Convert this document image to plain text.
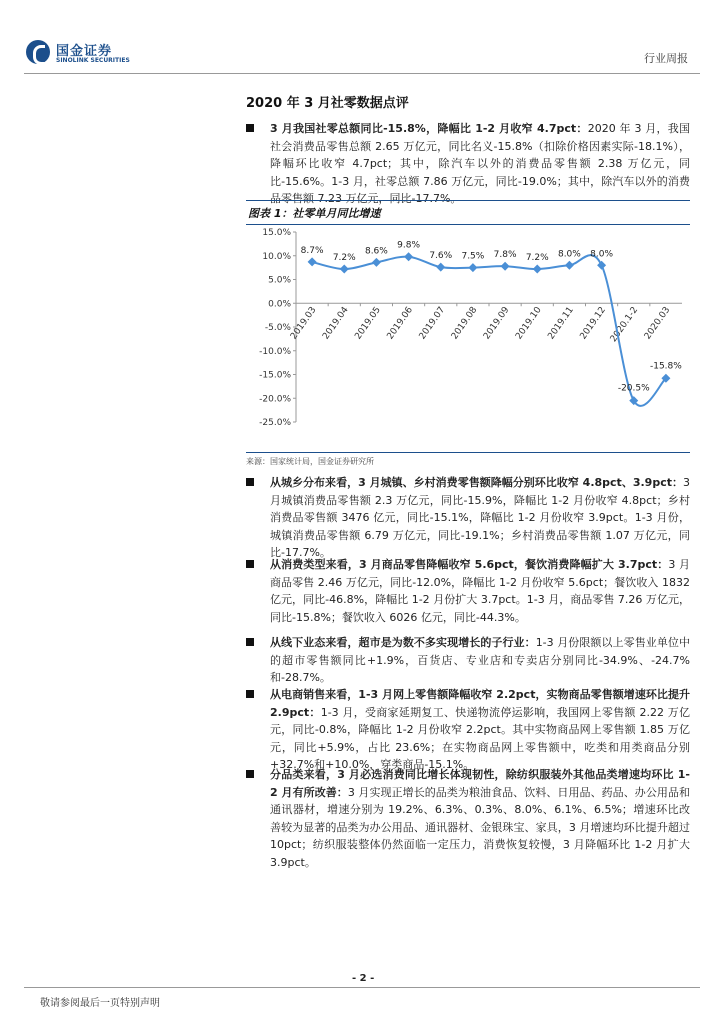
国金证券
SINOLINK SECURITIES	行业周报
2020 年 3 月社零数据点评
3 月我国社零总额同比-15.8%，降幅比 1-2 月收窄 4.7pct：2020 年 3 月，我国社会消费品零售总额 2.65 万亿元，同比名义-15.8%（扣除价格因素实际-18.1%），降幅环比收窄 4.7pct；其中，除汽车以外的消费品零售额 2.38 万亿元，同比-15.6%。1-3 月，社零总额 7.86 万亿元，同比-19.0%；其中，除汽车以外的消费品零售额 7.23 万亿元，同比-17.7%。
图表 1：社零单月同比增速
15.0%
10.0%
5.0%
0.0%
-5.0%
-10.0%
-15.0%
-20.0%
-25.0%
2019.03 2019.04 2019.05 2019.06 2019.07 2019.08 2019.09 2019.10 2019.11 2019.12 2020.1-2 2020.03
8.7%
7.2%
8.6%
9.8%
7.6% 7.5% 7.8% 7.2% 8.0% 8.0%
-20.5%
-15.8%
来源：国家统计局，国金证券研究所
从城乡分布来看，3 月城镇、乡村消费零售额降幅分别环比收窄 4.8pct、3.9pct：3 月城镇消费品零售额 2.3 万亿元，同比-15.9%，降幅比 1-2 月份收窄 4.8pct；乡村消费品零售额 3476 亿元，同比-15.1%，降幅比 1-2 月份收窄 3.9pct。1-3 月份，城镇消费品零售额 6.79 万亿元，同比-19.1%；乡村消费品零售额 1.07 万亿元，同比-17.7%。
从消费类型来看，3 月商品零售降幅收窄 5.6pct，餐饮消费降幅扩大 3.7pct：3 月商品零售 2.46 万亿元，同比-12.0%，降幅比 1-2 月份收窄 5.6pct；餐饮收入 1832 亿元，同比-46.8%，降幅比 1-2 月份扩大 3.7pct。1-3 月，商品零售 7.26 万亿元，同比-15.8%；餐饮收入 6026 亿元，同比-44.3%。
从线下业态来看，超市是为数不多实现增长的子行业：1-3 月份限额以上零售业单位中的超市零售额同比+1.9%，百货店、专业店和专卖店分别同比-34.9%、-24.7%和-28.7%。
从电商销售来看，1-3 月网上零售额降幅收窄 2.2pct，实物商品零售额增速环比提升 2.9pct：1-3 月，受商家延期复工、快递物流停运影响，我国网上零售额 2.22 万亿元，同比-0.8%，降幅比 1-2 月份收窄 2.2pct。其中实物商品网上零售额 1.85 万亿元，同比+5.9%，占比 23.6%；在实物商品网上零售额中，吃类和用类商品分别+32.7%和+10.0%，穿类商品-15.1%。
分品类来看，3 月必选消费同比增长体现韧性，除纺织服装外其他品类增速均环比 1-2 月有所改善：3 月实现正增长的品类为粮油食品、饮料、日用品、药品、办公用品和通讯器材，增速分别为 19.2%、6.3%、0.3%、8.0%、6.1%、6.5%；增速环比改善较为显著的品类为办公用品、通讯器材、金银珠宝、家具，3 月增速均环比提升超过 10pct；纺织服装整体仍然面临一定压力，消费恢复较慢，3 月降幅环比 1-2 月扩大 3.9pct。
- 2 -
敬请参阅最后一页特别声明
